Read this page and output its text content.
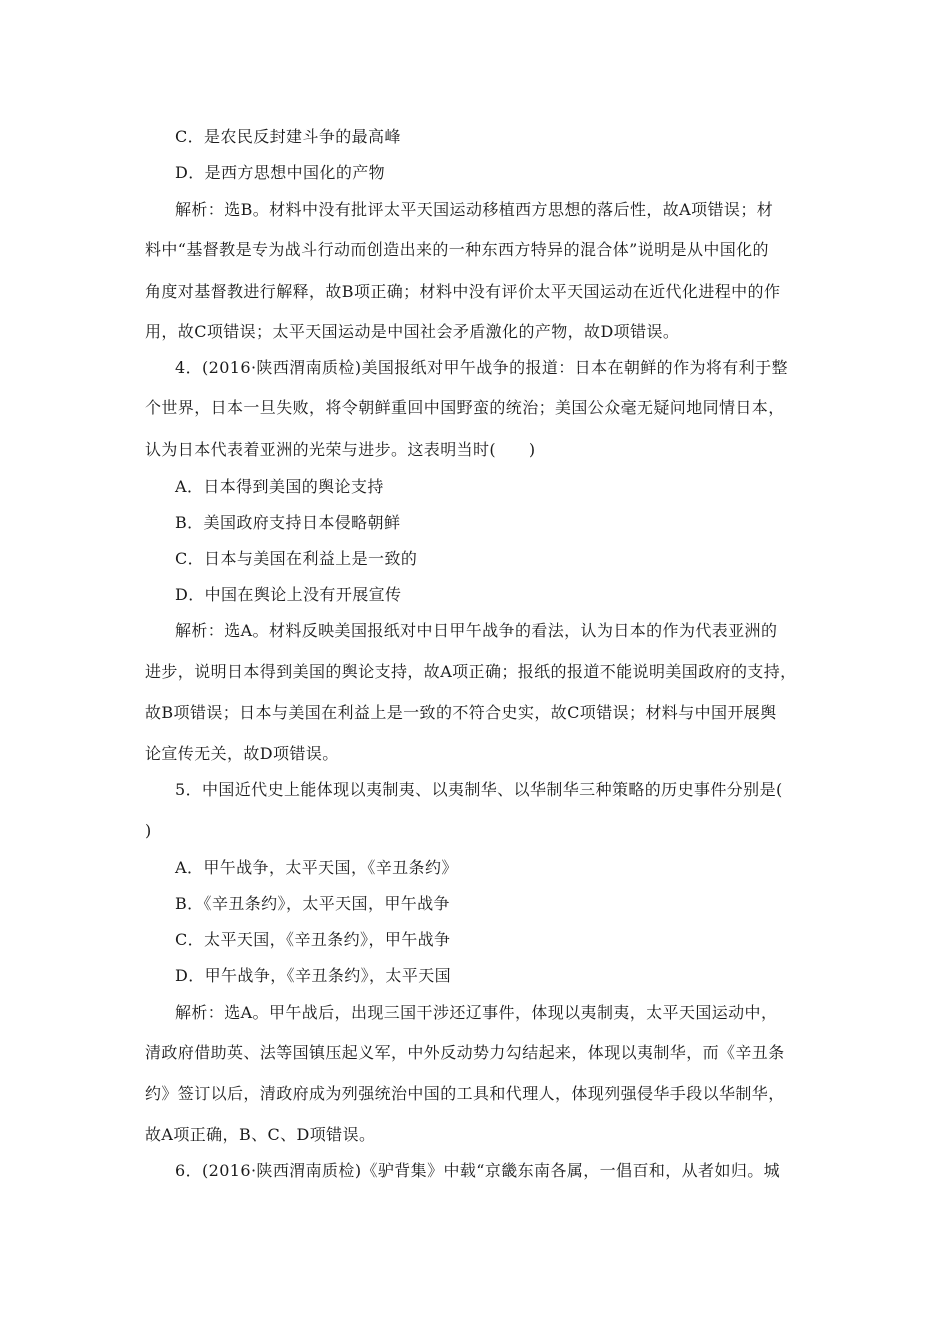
C．是农民反封建斗争的最高峰
D．是西方思想中国化的产物
解析：选B。材料中没有批评太平天国运动移植西方思想的落后性，故A项错误；材
料中“基督教是专为战斗行动而创造出来的一种东西方特异的混合体”说明是从中国化的
角度对基督教进行解释，故B项正确；材料中没有评价太平天国运动在近代化进程中的作
用，故C项错误；太平天国运动是中国社会矛盾激化的产物，故D项错误。
4．(2016·陕西渭南质检)美国报纸对甲午战争的报道：日本在朝鲜的作为将有利于整
个世界，日本一旦失败，将令朝鲜重回中国野蛮的统治；美国公众毫无疑问地同情日本，
认为日本代表着亚洲的光荣与进步。这表明当时(　　)
A．日本得到美国的舆论支持
B．美国政府支持日本侵略朝鲜
C．日本与美国在利益上是一致的
D．中国在舆论上没有开展宣传
解析：选A。材料反映美国报纸对中日甲午战争的看法，认为日本的作为代表亚洲的
进步，说明日本得到美国的舆论支持，故A项正确；报纸的报道不能说明美国政府的支持，
故B项错误；日本与美国在利益上是一致的不符合史实，故C项错误；材料与中国开展舆
论宣传无关，故D项错误。
5．中国近代史上能体现以夷制夷、以夷制华、以华制华三种策略的历史事件分别是(
)
A．甲午战争，太平天国，《辛丑条约》
B．《辛丑条约》，太平天国，甲午战争
C．太平天国，《辛丑条约》，甲午战争
D．甲午战争，《辛丑条约》，太平天国
解析：选A。甲午战后，出现三国干涉还辽事件，体现以夷制夷，太平天国运动中，
清政府借助英、法等国镇压起义军，中外反动势力勾结起来，体现以夷制华，而《辛丑条
约》签订以后，清政府成为列强统治中国的工具和代理人，体现列强侵华手段以华制华，
故A项正确，B、C、D项错误。
6．(2016·陕西渭南质检)《驴背集》中载“京畿东南各属，一倡百和，从者如归。城
